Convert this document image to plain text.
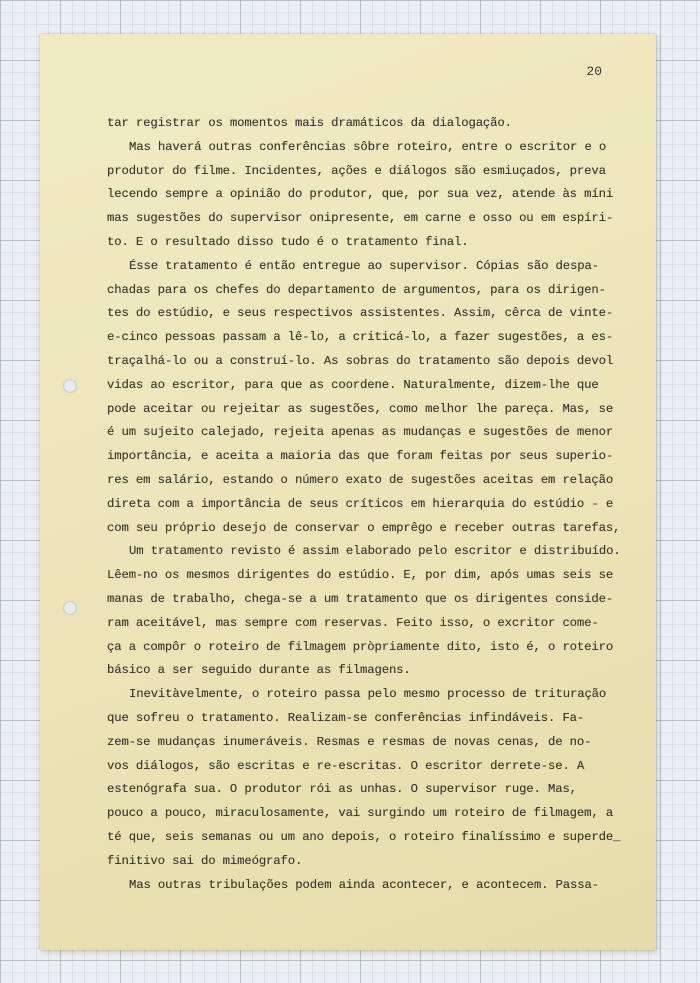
20
tar registrar os momentos mais dramáticos da dialogação.
Mas haverá outras conferências sôbre roteiro, entre o escritor e o
produtor do filme. Incidentes, ações e diálogos são esmiuçados, preva
lecendo sempre a opinião do produtor, que, por sua vez, atende às míni
mas sugestões do supervisor onipresente, em carne e osso ou em espíri-
to. E o resultado disso tudo é o tratamento final.
Ésse tratamento é então entregue ao supervisor. Cópias são despa-
chadas para os chefes do departamento de argumentos, para os dirigen-
tes do estúdio, e seus respectivos assistentes. Assim, cêrca de vinte-
e-cinco pessoas passam a lê-lo, a criticá-lo, a fazer sugestões, a es-
traçalhá-lo ou a construí-lo. As sobras do tratamento são depois devol
vidas ao escritor, para que as coordene. Naturalmente, dizem-lhe que
pode aceitar ou rejeitar as sugestões, como melhor lhe pareça. Mas, se
é um sujeito calejado, rejeita apenas as mudanças e sugestões de menor
importância, e aceita a maioria das que foram feitas por seus superio-
res em salário, estando o número exato de sugestões aceitas em relação
direta com a importância de seus críticos em hierarquia do estúdio - e
com seu próprio desejo de conservar o emprêgo e receber outras tarefas,
Um tratamento revisto é assim elaborado pelo escritor e distribuído.
Lêem-no os mesmos dirigentes do estúdio. E, por dim, após umas seis se
manas de trabalho, chega-se a um tratamento que os dirigentes conside-
ram aceitável, mas sempre com reservas. Feito isso, o excritor come-
ça a compôr o roteiro de filmagem pròpriamente dito, isto é, o roteiro
básico a ser seguido durante as filmagens.
Inevitàvelmente, o roteiro passa pelo mesmo processo de trituração
que sofreu o tratamento. Realizam-se conferências infindáveis. Fa-
zem-se mudanças inumeráveis. Resmas e resmas de novas cenas, de no-
vos diálogos, são escritas e re-escritas. O escritor derrete-se. A
estenógrafa sua. O produtor rói as unhas. O supervisor ruge. Mas,
pouco a pouco, miraculosamente, vai surgindo um roteiro de filmagem, a
té que, seis semanas ou um ano depois, o roteiro finalíssimo e superde_
finitivo sai do mimeógrafo.
Mas outras tribulações podem ainda acontecer, e acontecem. Passa-
